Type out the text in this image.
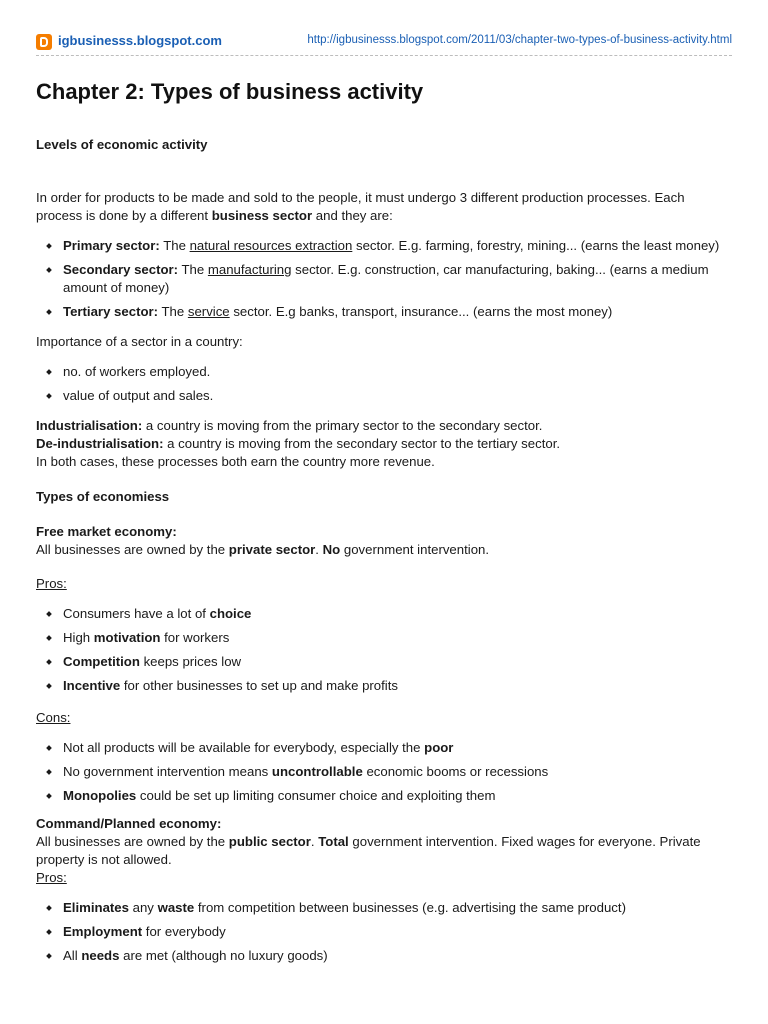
igbusinesss.blogspot.com	http://igbusinesss.blogspot.com/2011/03/chapter-two-types-of-business-activity.html
Chapter 2: Types of business activity

Levels of economic activity

In order for products to be made and sold to the people, it must undergo 3 different production processes. Each process is done by a different business sector and they are:

Primary sector: The natural resources extraction sector. E.g. farming, forestry, mining... (earns the least money)
Secondary sector: The manufacturing sector. E.g. construction, car manufacturing, baking... (earns a medium amount of money)
Tertiary sector: The service sector. E.g banks, transport, insurance... (earns the most money)

Importance of a sector in a country:

no. of workers employed.
value of output and sales.

Industrialisation: a country is moving from the primary sector to the secondary sector.

De-industrialisation: a country is moving from the secondary sector to the tertiary sector.

In both cases, these processes both earn the country more revenue.

Types of economiess

Free market economy:

All businesses are owned by the private sector. No government intervention.

Pros:

Consumers have a lot of choice
High motivation for workers
Competition keeps prices low
Incentive for other businesses to set up and make profits

Cons:

Not all products will be available for everybody, especially the poor
No government intervention means uncontrollable economic booms or recessions
Monopolies could be set up limiting consumer choice and exploiting them

Command/Planned economy:

All businesses are owned by the public sector. Total government intervention. Fixed wages for everyone. Private property is not allowed.

Pros:

Eliminates any waste from competition between businesses (e.g. advertising the same product)
Employment for everybody
All needs are met (although no luxury goods)
